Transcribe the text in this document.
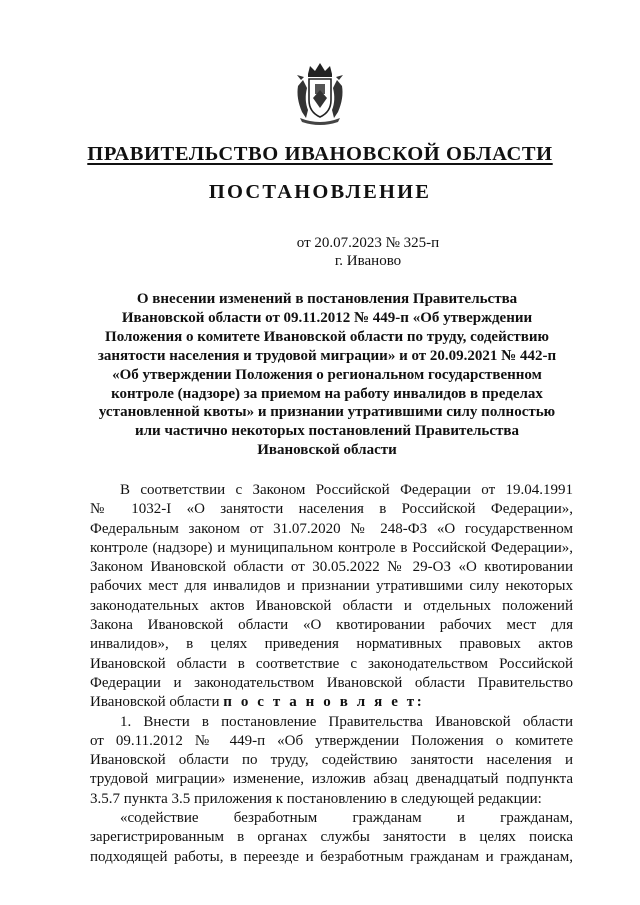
ПРАВИТЕЛЬСТВО ИВАНОВСКОЙ ОБЛАСТИ
ПОСТАНОВЛЕНИЕ
от 20.07.2023 № 325-п
г. Иваново
О внесении изменений в постановления Правительства
Ивановской области от 09.11.2012 № 449-п «Об утверждении
Положения о комитете Ивановской области по труду, содействию
занятости населения и трудовой миграции» и от 20.09.2021 № 442-п
«Об утверждении Положения о региональном государственном
контроле (надзоре) за приемом на работу инвалидов в пределах
установленной квоты» и признании утратившими силу полностью
или частично некоторых постановлений Правительства
Ивановской области
В соответствии с Законом Российской Федерации от 19.04.1991
№ 1032-I «О занятости населения в Российской Федерации»,
Федеральным законом от 31.07.2020 № 248-ФЗ «О государственном
контроле (надзоре) и муниципальном контроле в Российской Федерации»,
Законом Ивановской области от 30.05.2022 № 29-ОЗ «О квотировании
рабочих мест для инвалидов и признании утратившими силу некоторых
законодательных актов Ивановской области и отдельных положений
Закона Ивановской области «О квотировании рабочих мест для
инвалидов», в целях приведения нормативных правовых актов
Ивановской области в соответствие с законодательством Российской
Федерации и законодательством Ивановской области Правительство
Ивановской области п о с т а н о в л я е т:
1. Внести в постановление Правительства Ивановской области
от 09.11.2012 № 449-п «Об утверждении Положения о комитете
Ивановской области по труду, содействию занятости населения и
трудовой миграции» изменение, изложив абзац двенадцатый подпункта
3.5.7 пункта 3.5 приложения к постановлению в следующей редакции:
«содействие безработным гражданам и гражданам,
зарегистрированным в органах службы занятости в целях поиска
подходящей работы, в переезде и безработным гражданам и гражданам,
